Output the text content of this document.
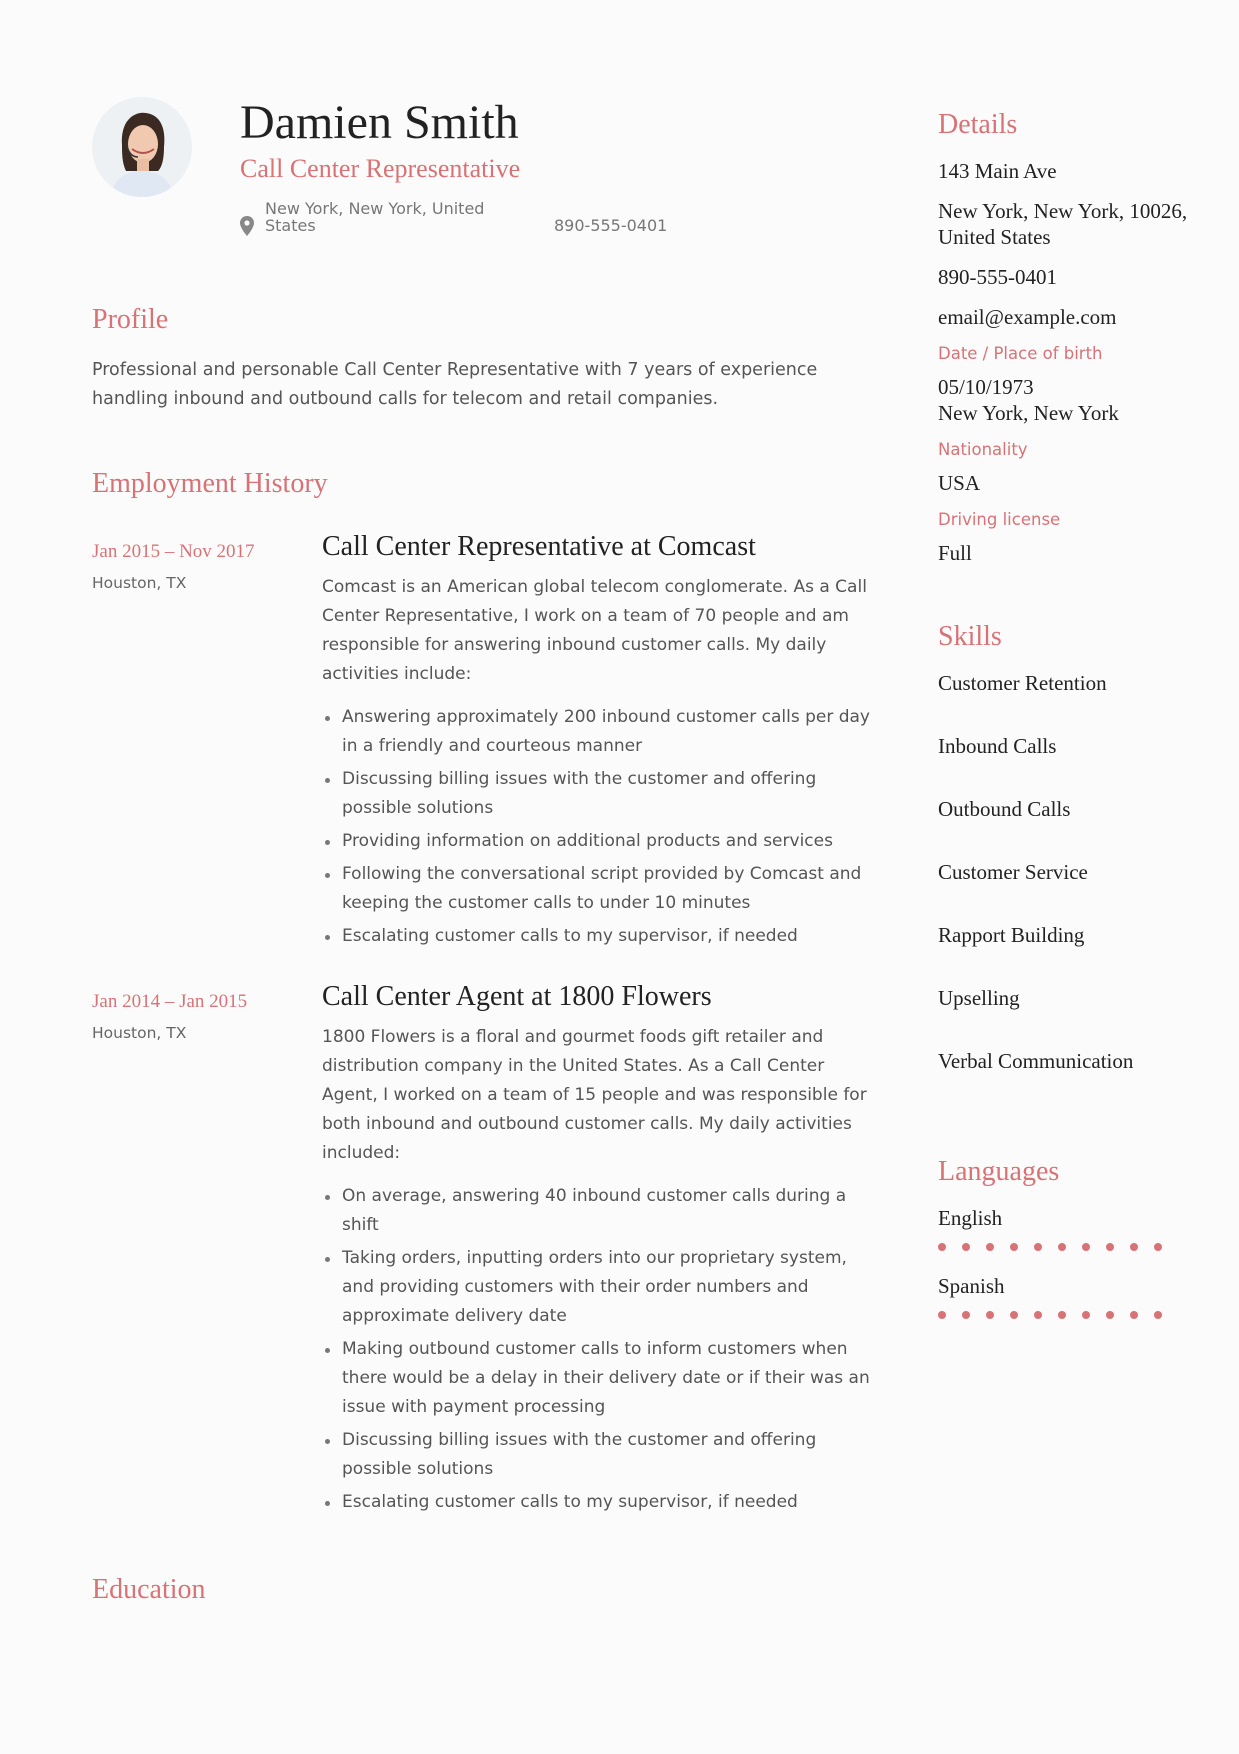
Damien Smith
Call Center Representative
New York, New York, United States	890-555-0401
Profile

Professional and personable Call Center Representative with 7 years of experience handling inbound and outbound calls for telecom and retail companies.

Employment History
Jan 2015 – Nov 2017
Houston, TX
Call Center Representative at Comcast

Comcast is an American global telecom conglomerate. As a Call Center Representative, I work on a team of 70 people and am responsible for answering inbound customer calls. My daily activities include:

Answering approximately 200 inbound customer calls per day in a friendly and courteous manner
Discussing billing issues with the customer and offering possible solutions
Providing information on additional products and services
Following the conversational script provided by Comcast and keeping the customer calls to under 10 minutes
Escalating customer calls to my supervisor, if needed
Jan 2014 – Jan 2015
Houston, TX
Call Center Agent at 1800 Flowers

1800 Flowers is a floral and gourmet foods gift retailer and distribution company in the United States. As a Call Center Agent, I worked on a team of 15 people and was responsible for both inbound and outbound customer calls. My daily activities included:

On average, answering 40 inbound customer calls during a shift
Taking orders, inputting orders into our proprietary system, and providing customers with their order numbers and approximate delivery date
Making outbound customer calls to inform customers when there would be a delay in their delivery date or if their was an issue with payment processing
Discussing billing issues with the customer and offering possible solutions
Escalating customer calls to my supervisor, if needed
Education
Details
143 Main Ave
New York, New York, 10026, United States
890-555-0401
email@example.com
Date / Place of birth
05/10/1973
New York, New York
Nationality
USA
Driving license
Full
Skills
Customer Retention
Inbound Calls
Outbound Calls
Customer Service
Rapport Building
Upselling
Verbal Communication
Languages
English
Spanish
